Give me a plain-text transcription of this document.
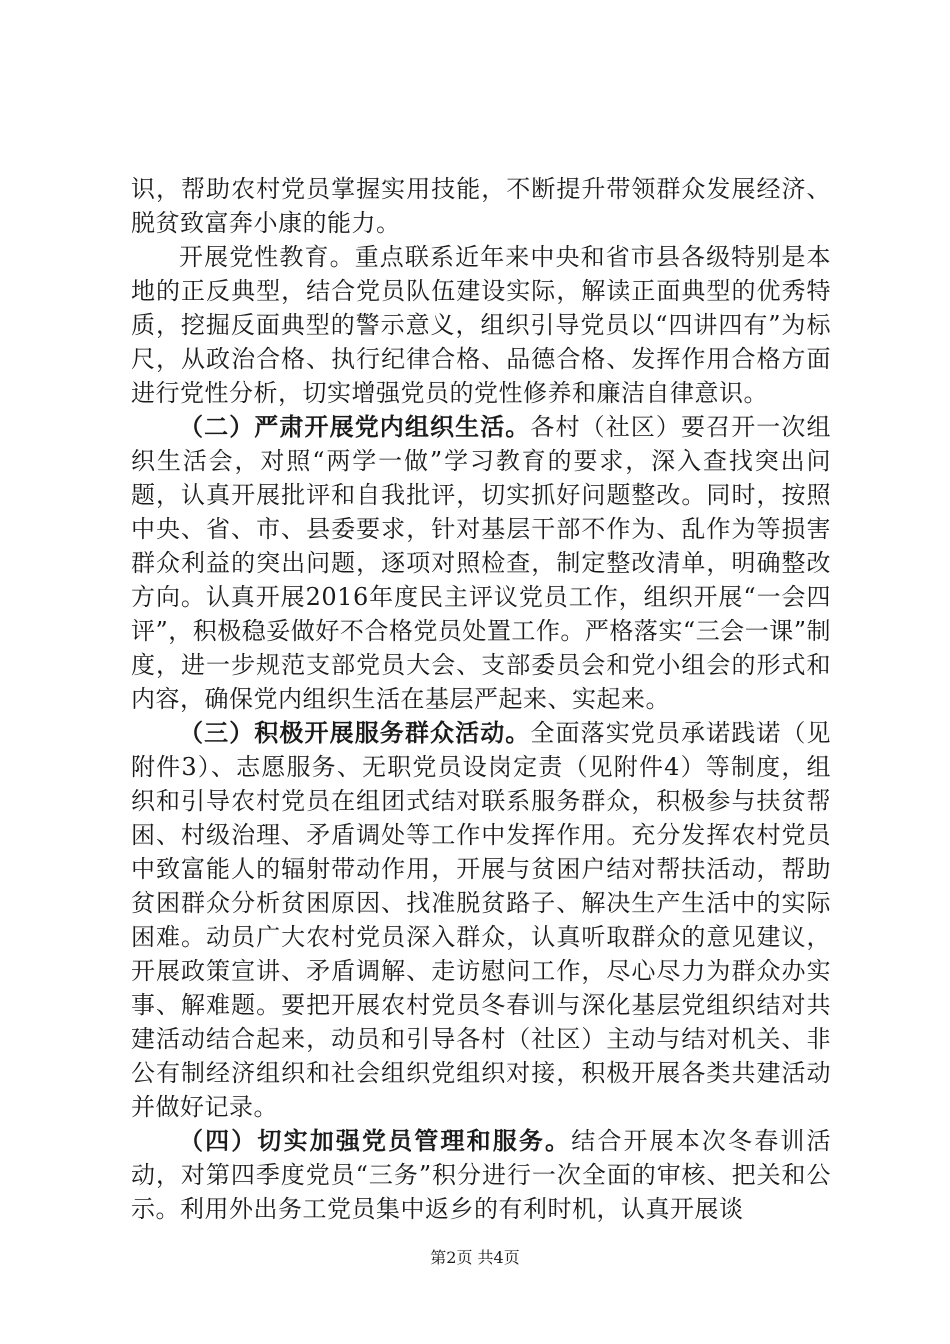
识，帮助农村党员掌握实用技能，不断提升带领群众发展经济、脱贫致富奔小康的能力。

开展党性教育。重点联系近年来中央和省市县各级特别是本地的正反典型，结合党员队伍建设实际，解读正面典型的优秀特质，挖掘反面典型的警示意义，组织引导党员以“四讲四有”为标尺，从政治合格、执行纪律合格、品德合格、发挥作用合格方面进行党性分析，切实增强党员的党性修养和廉洁自律意识。

（二）严肃开展党内组织生活。各村（社区）要召开一次组织生活会，对照“两学一做”学习教育的要求，深入查找突出问题，认真开展批评和自我批评，切实抓好问题整改。同时，按照中央、省、市、县委要求，针对基层干部不作为、乱作为等损害群众利益的突出问题，逐项对照检查，制定整改清单，明确整改方向。认真开展2016年度民主评议党员工作，组织开展“一会四评”，积极稳妥做好不合格党员处置工作。严格落实“三会一课”制度，进一步规范支部党员大会、支部委员会和党小组会的形式和内容，确保党内组织生活在基层严起来、实起来。

（三）积极开展服务群众活动。全面落实党员承诺践诺（见附件3）、志愿服务、无职党员设岗定责（见附件4）等制度，组织和引导农村党员在组团式结对联系服务群众，积极参与扶贫帮困、村级治理、矛盾调处等工作中发挥作用。充分发挥农村党员中致富能人的辐射带动作用，开展与贫困户结对帮扶活动，帮助贫困群众分析贫困原因、找准脱贫路子、解决生产生活中的实际困难。动员广大农村党员深入群众，认真听取群众的意见建议，开展政策宣讲、矛盾调解、走访慰问工作，尽心尽力为群众办实事、解难题。要把开展农村党员冬春训与深化基层党组织结对共建活动结合起来，动员和引导各村（社区）主动与结对机关、非公有制经济组织和社会组织党组织对接，积极开展各类共建活动并做好记录。

（四）切实加强党员管理和服务。结合开展本次冬春训活动，对第四季度党员“三务”积分进行一次全面的审核、把关和公示。利用外出务工党员集中返乡的有利时机，认真开展谈

第2页 共4页
